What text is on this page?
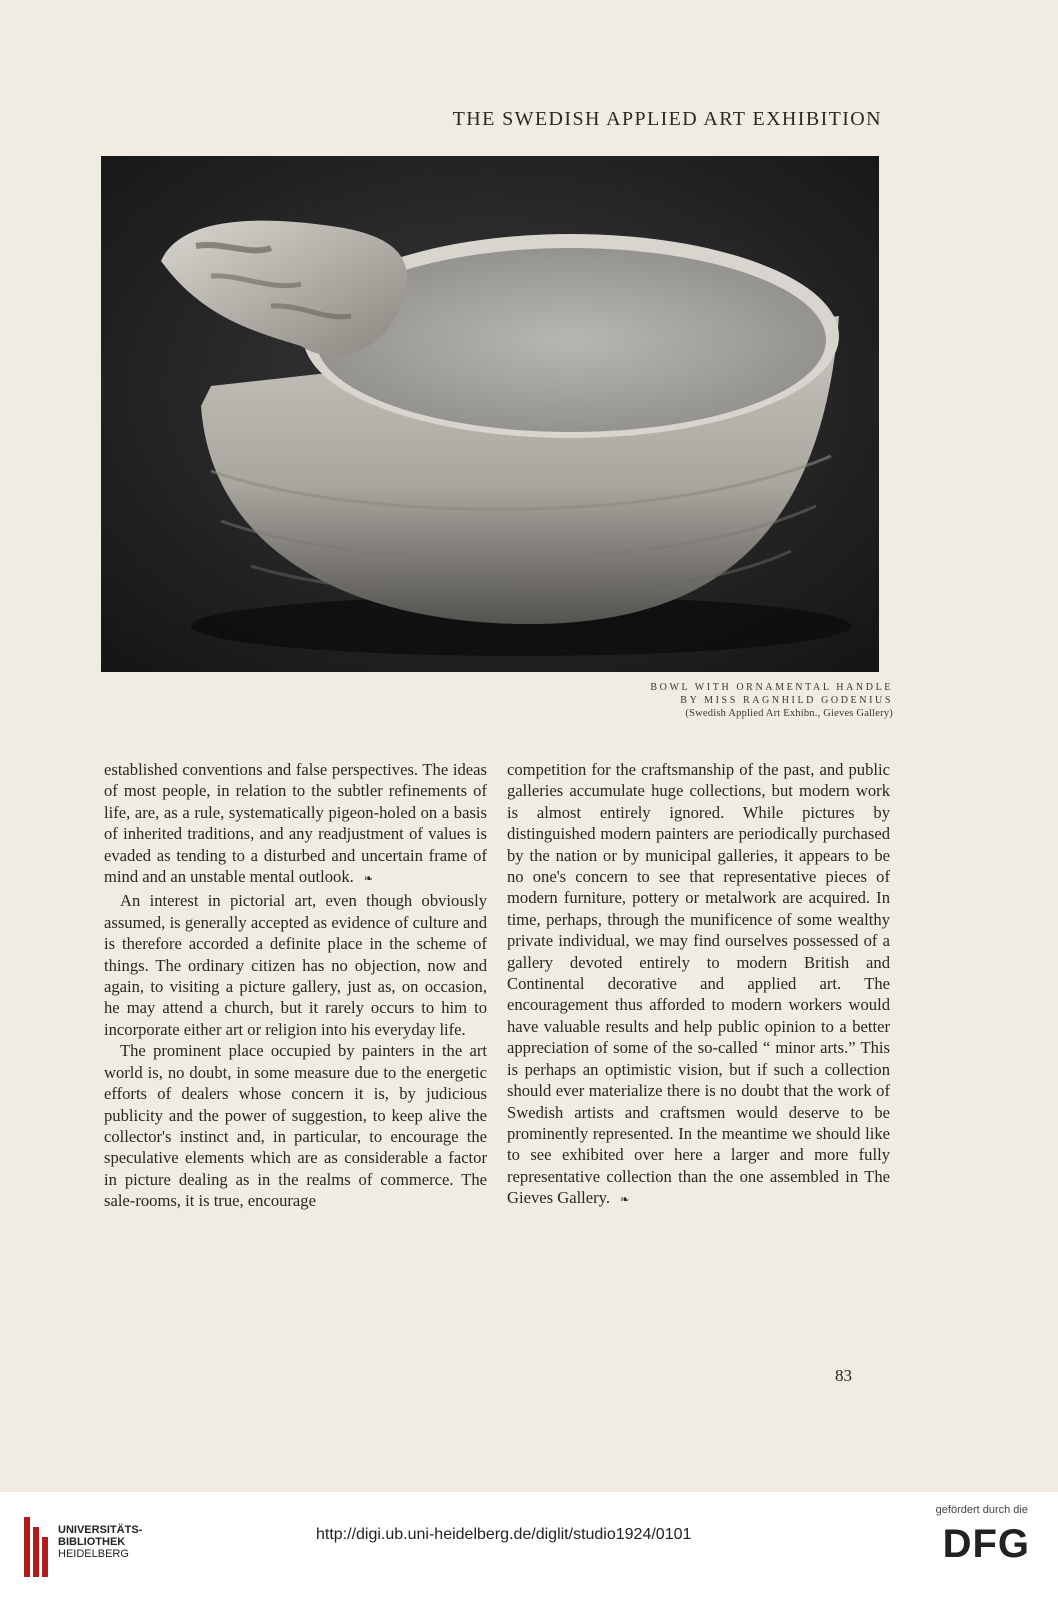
THE SWEDISH APPLIED ART EXHIBITION
BOWL WITH ORNAMENTAL HANDLE
BY MISS RAGNHILD GODENIUS
(Swedish Applied Art Exhibn., Gieves Gallery)

established conventions and false perspectives. The ideas of most people, in relation to the subtler refinements of life, are, as a rule, systematically pigeon-holed on a basis of inherited traditions, and any readjustment of values is evaded as tending to a disturbed and uncertain frame of mind and an unstable mental outlook. ❧

An interest in pictorial art, even though obviously assumed, is generally accepted as evidence of culture and is therefore accorded a definite place in the scheme of things. The ordinary citizen has no objection, now and again, to visiting a picture gallery, just as, on occasion, he may attend a church, but it rarely occurs to him to incorporate either art or religion into his everyday life.

The prominent place occupied by painters in the art world is, no doubt, in some measure due to the energetic efforts of dealers whose concern it is, by judicious publicity and the power of suggestion, to keep alive the collector's instinct and, in particular, to encourage the speculative elements which are as considerable a factor in picture dealing as in the realms of commerce. The sale-rooms, it is true, encourage

competition for the craftsmanship of the past, and public galleries accumulate huge collections, but modern work is almost entirely ignored. While pictures by distinguished modern painters are periodically purchased by the nation or by municipal galleries, it appears to be no one's concern to see that representative pieces of modern furniture, pottery or metalwork are acquired. In time, perhaps, through the munificence of some wealthy private individual, we may find ourselves possessed of a gallery devoted entirely to modern British and Continental decorative and applied art. The encouragement thus afforded to modern workers would have valuable results and help public opinion to a better appreciation of some of the so-called “ minor arts.” This is perhaps an optimistic vision, but if such a collection should ever materialize there is no doubt that the work of Swedish artists and craftsmen would deserve to be prominently represented. In the meantime we should like to see exhibited over here a larger and more fully representative collection than the one assembled in The Gieves Gallery. ❧

83
UNIVERSITÄTS-
BIBLIOTHEK
HEIDELBERG
http://digi.ub.uni-heidelberg.de/diglit/studio1924/0101
gefördert durch die
DFG
